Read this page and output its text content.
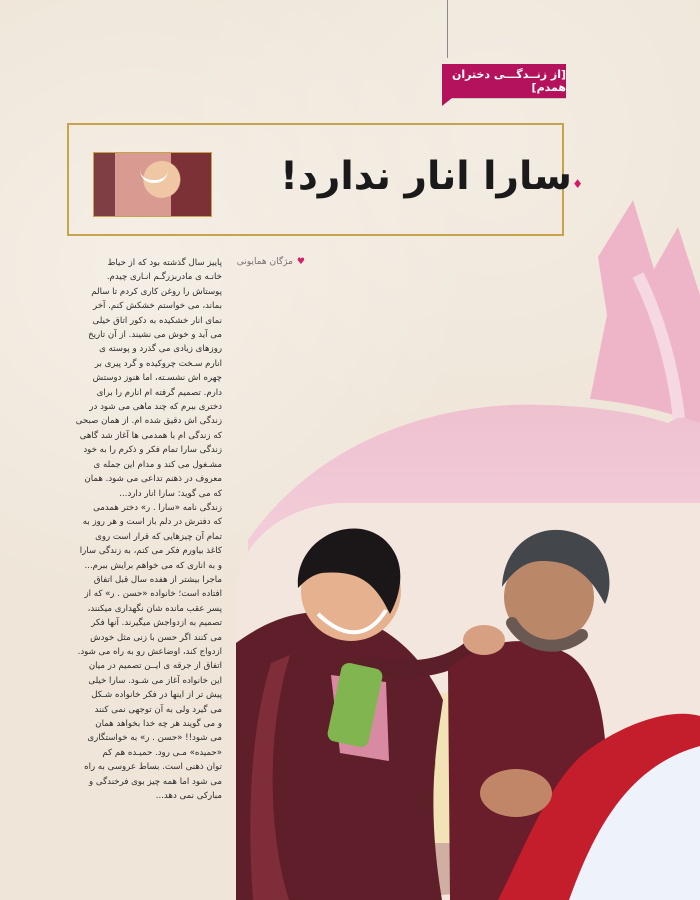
[از زنــدگـــی دختران همدم]
♦
سارا انار ندارد!
♥ مژگان همایونی
پاییز سال گذشته بود که از حیاط
خانـه ی مادربزرگـم انـاری چیدم.
پوستاش را روغن کاری کردم تا سالم
بماند، می خواستم خشکش کنم. آخر
نمای انار خشکیده به دکور اتاق خیلی
می آید و خوش می نشیند. از آن تاریخ
روزهای زیادی می گذرد و پوسته ی
انارم سـخت چروکیده و گرد پیری بر
چهره اش نشسـته، اما هنوز دوستش
دارم. تصمیم گرفته ام انارم را برای
دختری ببرم که چند ماهی می شود در
زندگی اش دقیق شده ام. از همان صبحی
که زندگی ام با همدمی ها آغاز شد گاهی
زندگی سارا تمام فکر و ذکرم را به خود
مشـغول می کند و مدام این جمله ی
معروف در ذهنم تداعی می شود. همان
که می گوید: سارا انار دارد...
زندگی نامه «سارا . ر» دختر همدمی
که دفترش در دلم باز است و هر روز به
تمام آن چیزهایی که قرار است روی
کاغذ بیاورم فکر می کنم، به زندگی سارا
و به اناری که می خواهم برایش ببرم...
ماجرا بیشتر از هفده سال قبل اتفاق
افتاده است؛ خانواده «حسن . ر» که از
پسر عقب مانده شان نگهداری میکنند،
تصمیم به ازدواجش میگیرند. آنها فکر
می کنند اگر حسن با زنی مثل خودش
ازدواج کند، اوضاعش رو به راه می شود.
اتفاق از جرقه ی ایــن تصمیم در میان
این خانواده آغاز می شـود. سارا خیلی
پیش تر از اینها در فکر خانواده شـکل
می گیرد ولی به آن توجهی نمی کنند
و می گویند هر چه خدا بخواهد همان
می شود!! «حسن . ر» به خواستگاری
«حمیده» مـی رود. حمیـده هم کم
توان ذهنی است. بساط عروسی به راه
می شود اما همه چیز بوی فرخندگی و
مبارکی نمی دهد...
